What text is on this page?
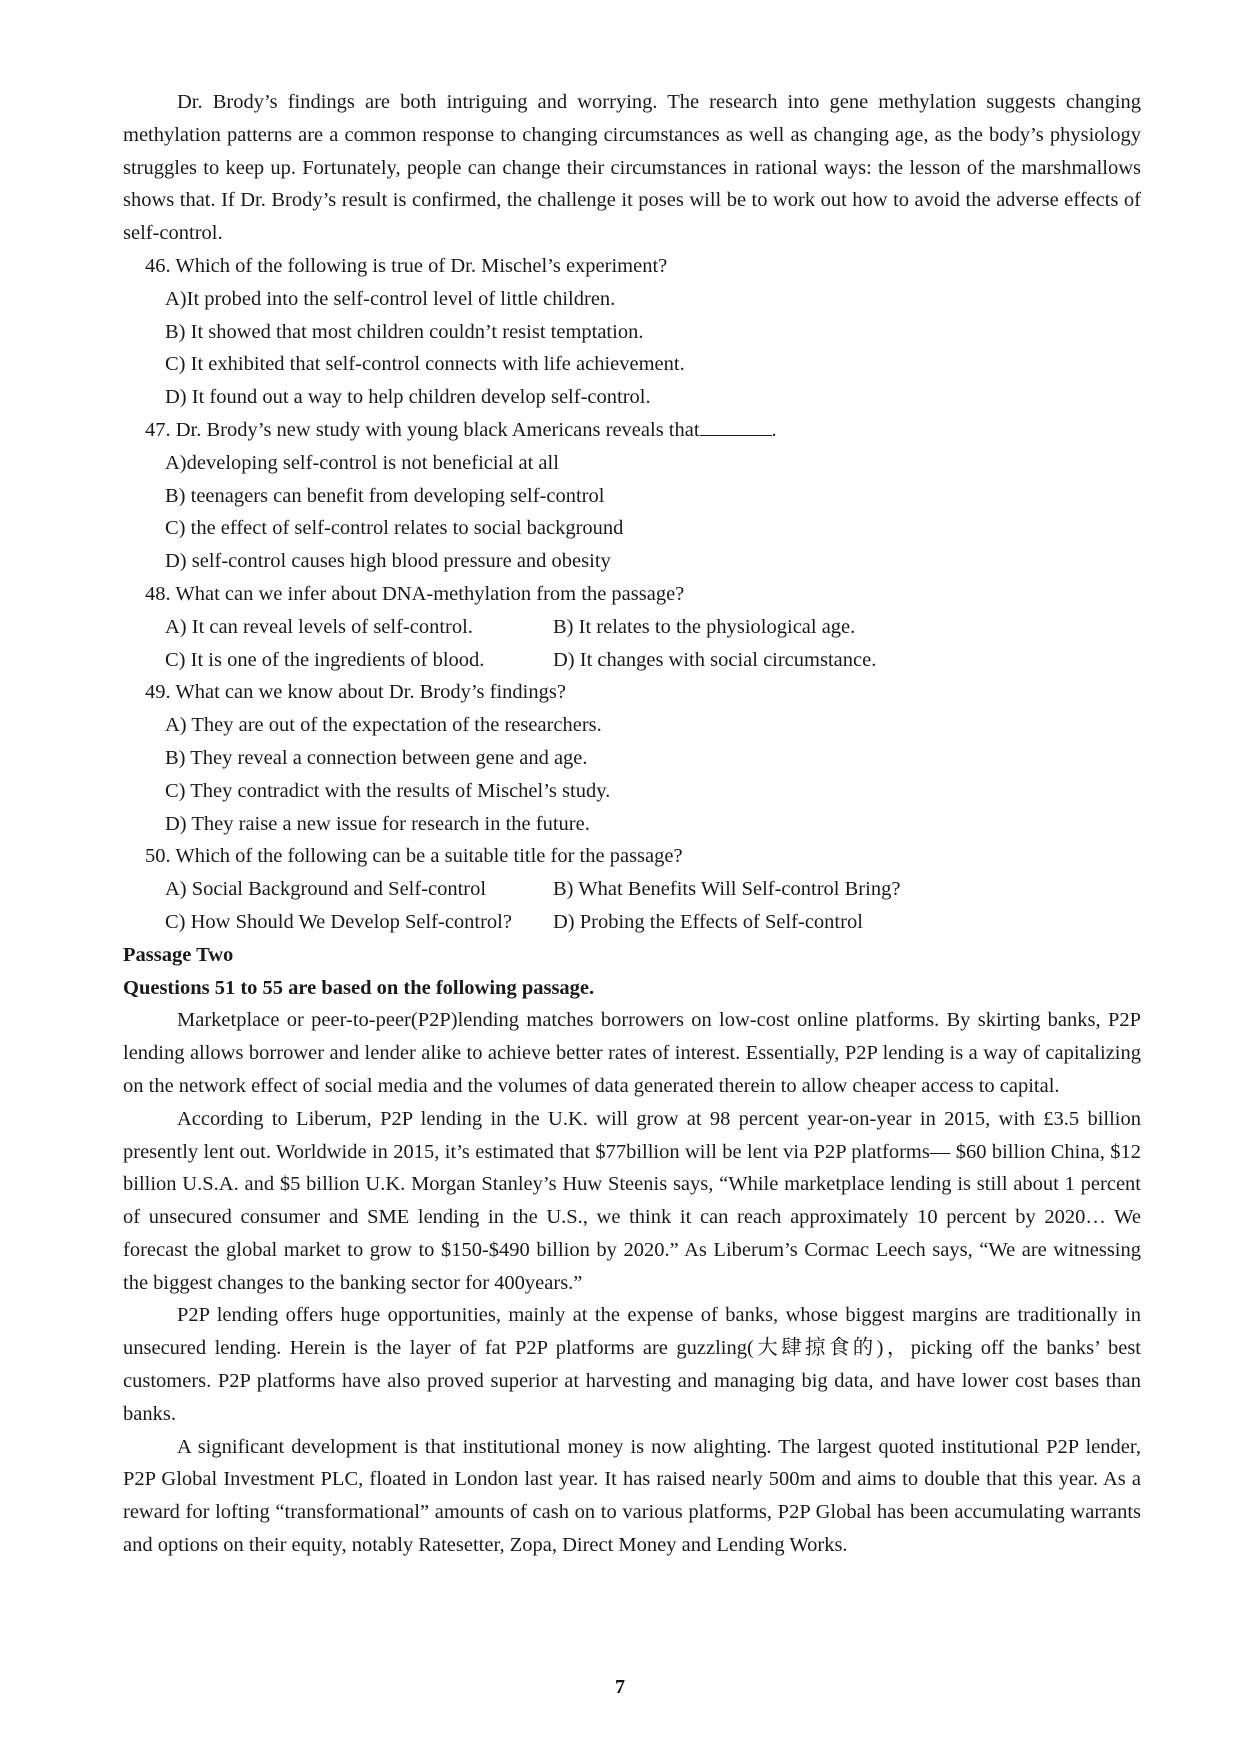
Dr. Brody’s findings are both intriguing and worrying. The research into gene methylation suggests changing methylation patterns are a common response to changing circumstances as well as changing age, as the body’s physiology struggles to keep up. Fortunately, people can change their circumstances in rational ways: the lesson of the marshmallows shows that. If Dr. Brody’s result is confirmed, the challenge it poses will be to work out how to avoid the adverse effects of self-control.

46. Which of the following is true of Dr. Mischel’s experiment?

A)It probed into the self-control level of little children.

B) It showed that most children couldn’t resist temptation.

C) It exhibited that self-control connects with life achievement.

D) It found out a way to help children develop self-control.

47. Dr. Brody’s new study with young black Americans reveals that	.

A)developing self-control is not beneficial at all

B) teenagers can benefit from developing self-control

C) the effect of self-control relates to social background

D) self-control causes high blood pressure and obesity

48. What can we infer about DNA-methylation from the passage?

A) It can reveal levels of self-control.	B) It relates to the physiological age.
C) It is one of the ingredients of blood.	D) It changes with social circumstance.

49. What can we know about Dr. Brody’s findings?

A) They are out of the expectation of the researchers.

B) They reveal a connection between gene and age.

C) They contradict with the results of Mischel’s study.

D) They raise a new issue for research in the future.

50. Which of the following can be a suitable title for the passage?

A) Social Background and Self-control	B) What Benefits Will Self-control Bring?
C) How Should We Develop Self-control?	D) Probing the Effects of Self-control

Passage Two

Questions 51 to 55 are based on the following passage.

Marketplace or peer-to-peer(P2P)lending matches borrowers on low-cost online platforms. By skirting banks, P2P lending allows borrower and lender alike to achieve better rates of interest. Essentially, P2P lending is a way of capitalizing on the network effect of social media and the volumes of data generated therein to allow cheaper access to capital.

According to Liberum, P2P lending in the U.K. will grow at 98 percent year-on-year in 2015, with £3.5 billion presently lent out. Worldwide in 2015, it’s estimated that $77billion will be lent via P2P platforms— $60 billion China, $12 billion U.S.A. and $5 billion U.K. Morgan Stanley’s Huw Steenis says, “While marketplace lending is still about 1 percent of unsecured consumer and SME lending in the U.S., we think it can reach approximately 10 percent by 2020… We forecast the global market to grow to $150-$490 billion by 2020.” As Liberum’s Cormac Leech says, “We are witnessing the biggest changes to the banking sector for 400years.”

P2P lending offers huge opportunities, mainly at the expense of banks, whose biggest margins are traditionally in unsecured lending. Herein is the layer of fat P2P platforms are guzzling(大肆掠食的)，picking off the banks’ best customers. P2P platforms have also proved superior at harvesting and managing big data, and have lower cost bases than banks.

A significant development is that institutional money is now alighting. The largest quoted institutional P2P lender, P2P Global Investment PLC, floated in London last year. It has raised nearly 500m and aims to double that this year. As a reward for lofting “transformational” amounts of cash on to various platforms, P2P Global has been accumulating warrants and options on their equity, notably Ratesetter, Zopa, Direct Money and Lending Works.

7
